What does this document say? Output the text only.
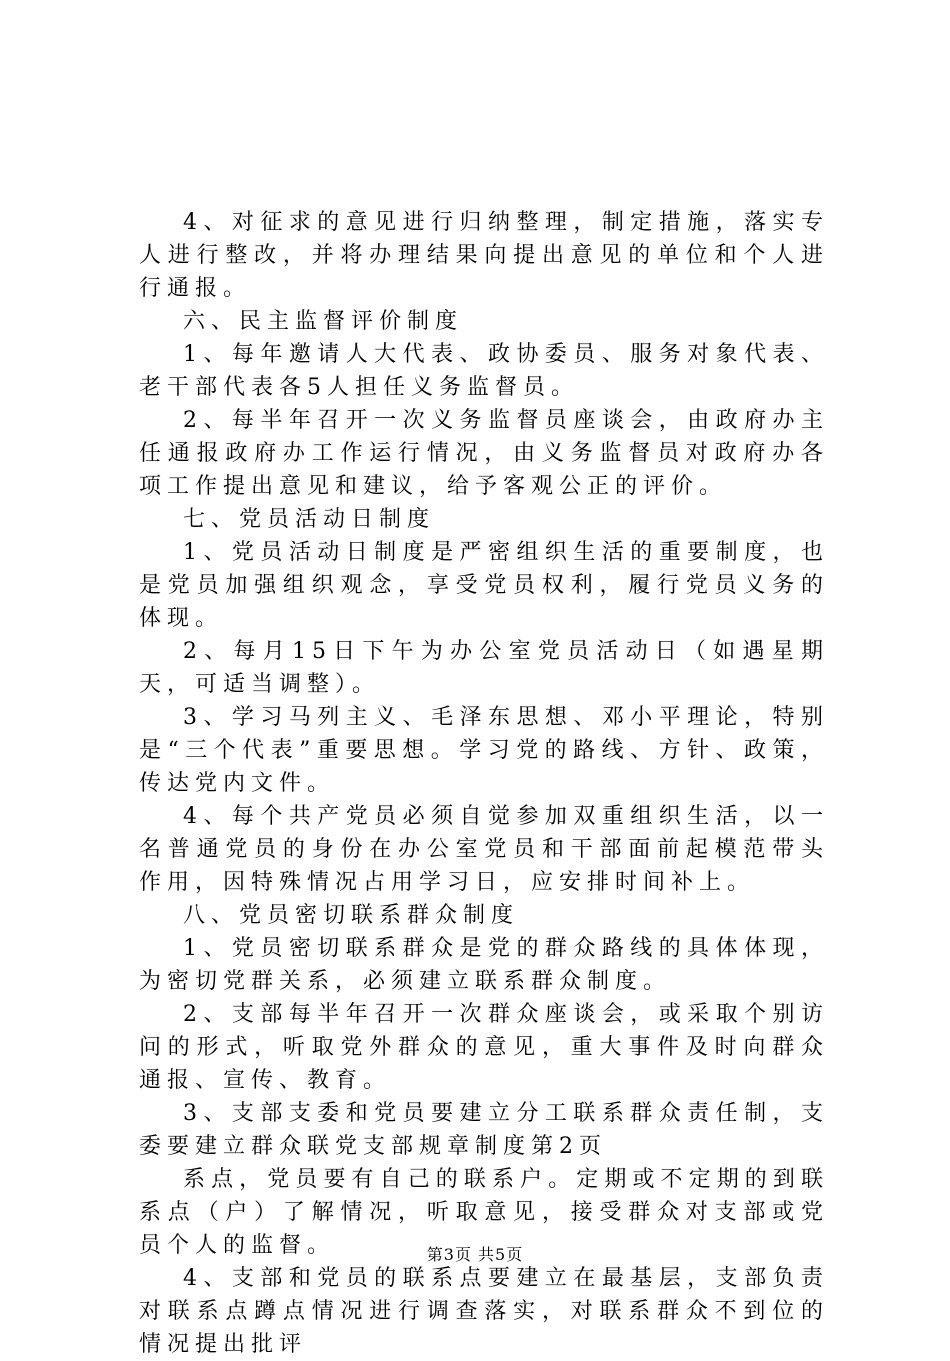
4、对征求的意见进行归纳整理，制定措施，落实专人进行整改，并将办理结果向提出意见的单位和个人进行通报。

六、民主监督评价制度

1、每年邀请人大代表、政协委员、服务对象代表、老干部代表各5人担任义务监督员。

2、每半年召开一次义务监督员座谈会，由政府办主任通报政府办工作运行情况，由义务监督员对政府办各项工作提出意见和建议，给予客观公正的评价。

七、党员活动日制度

1、党员活动日制度是严密组织生活的重要制度，也是党员加强组织观念，享受党员权利，履行党员义务的体现。

2、每月15日下午为办公室党员活动日（如遇星期天，可适当调整）。

3、学习马列主义、毛泽东思想、邓小平理论，特别是“三个代表”重要思想。学习党的路线、方针、政策，传达党内文件。

4、每个共产党员必须自觉参加双重组织生活，以一名普通党员的身份在办公室党员和干部面前起模范带头作用，因特殊情况占用学习日，应安排时间补上。

八、党员密切联系群众制度

1、党员密切联系群众是党的群众路线的具体体现，为密切党群关系，必须建立联系群众制度。

2、支部每半年召开一次群众座谈会，或采取个别访问的形式，听取党外群众的意见，重大事件及时向群众通报、宣传、教育。

3、支部支委和党员要建立分工联系群众责任制，支委要建立群众联党支部规章制度第2页

系点，党员要有自己的联系户。定期或不定期的到联系点（户）了解情况，听取意见，接受群众对支部或党员个人的监督。

4、支部和党员的联系点要建立在最基层，支部负责对联系点蹲点情况进行调查落实，对联系群众不到位的情况提出批评

第3页 共5页
